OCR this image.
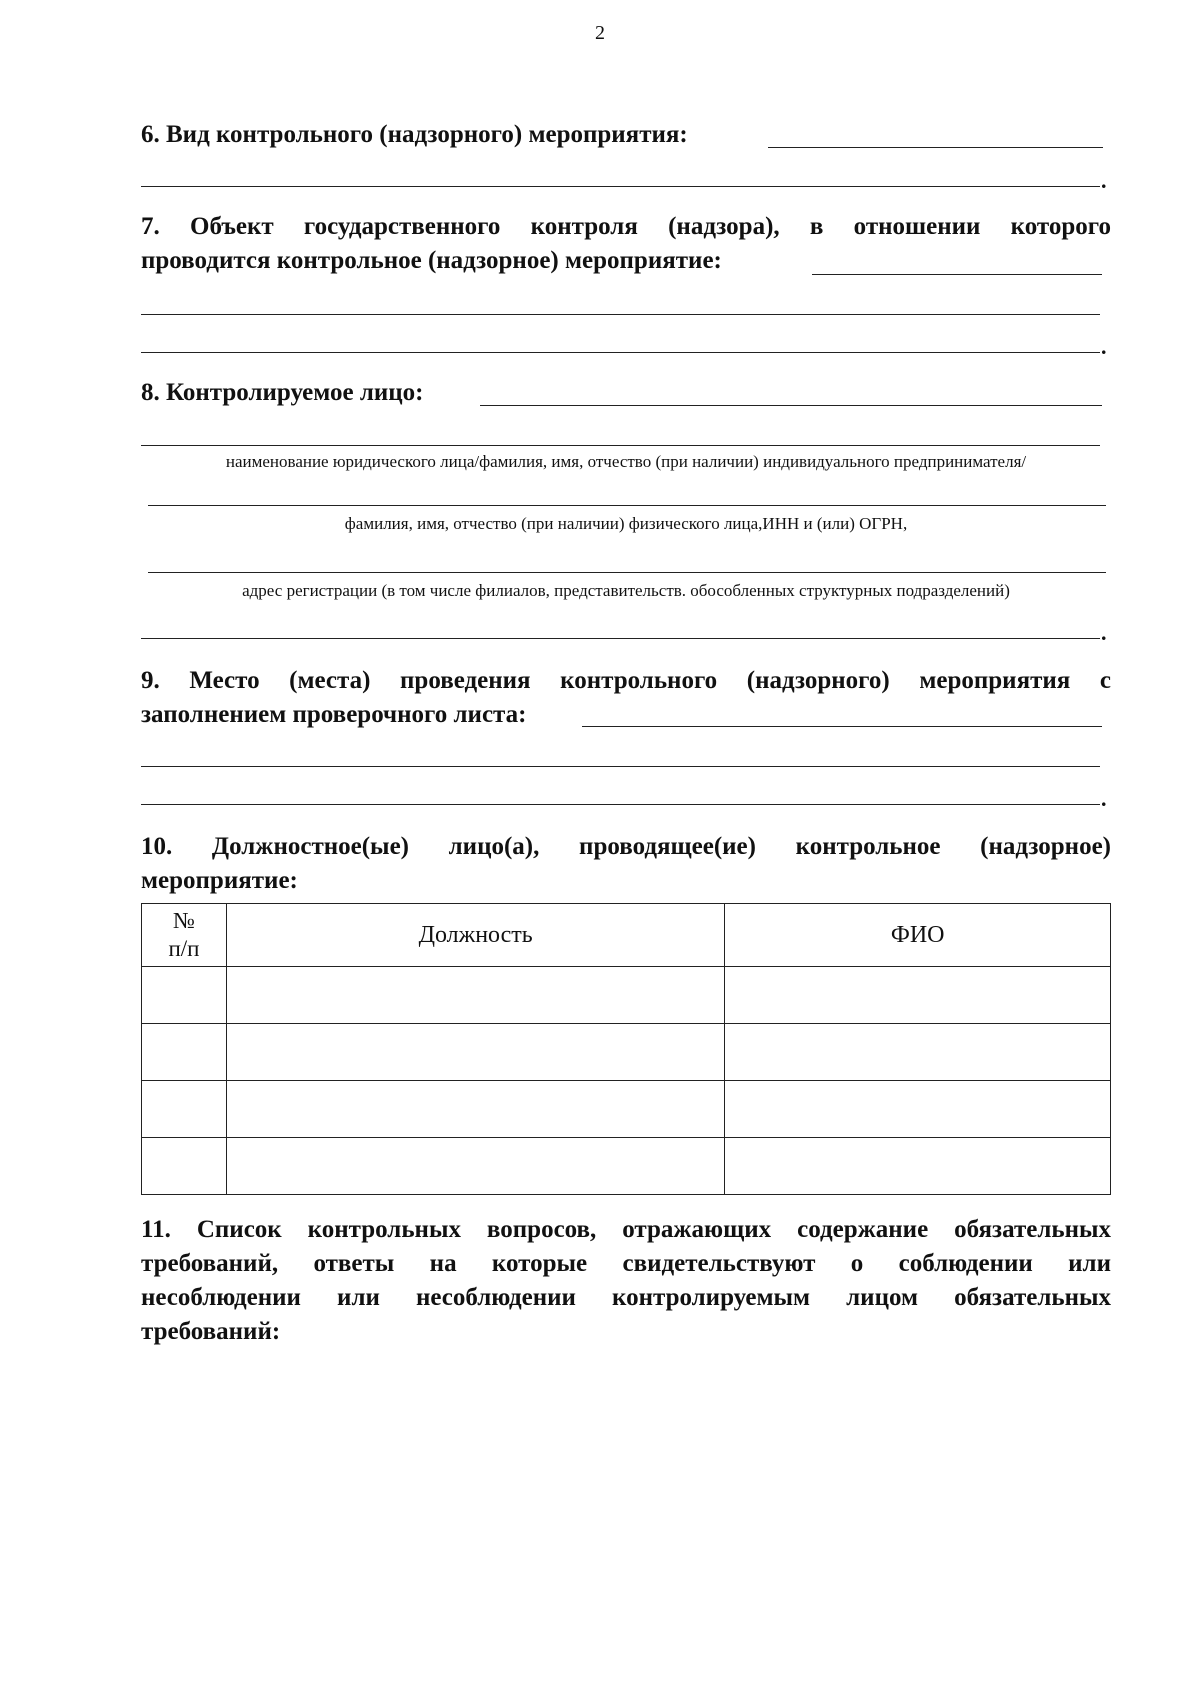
2
6. Вид контрольного (надзорного) мероприятия:
.
7. Объект государственного контроля (надзора), в отношении которого
проводится контрольное (надзорное) мероприятие:
.
8. Контролируемое лицо:
наименование юридического лица/фамилия, имя, отчество (при наличии) индивидуального предпринимателя/
фамилия, имя, отчество (при наличии) физического лица,ИНН и (или) ОГРН,
адрес регистрации (в том числе филиалов, представительств. обособленных структурных подразделений)
.
9. Место (места) проведения контрольного (надзорного) мероприятия с
заполнением проверочного листа:
.
10. Должностное(ые) лицо(а), проводящее(ие) контрольное (надзорное)
мероприятие:
№
п/п	Должность	ФИО

11. Список контрольных вопросов, отражающих содержание обязательных
требований, ответы на которые свидетельствуют о соблюдении или
несоблюдении или несоблюдении контролируемым лицом обязательных
требований:
